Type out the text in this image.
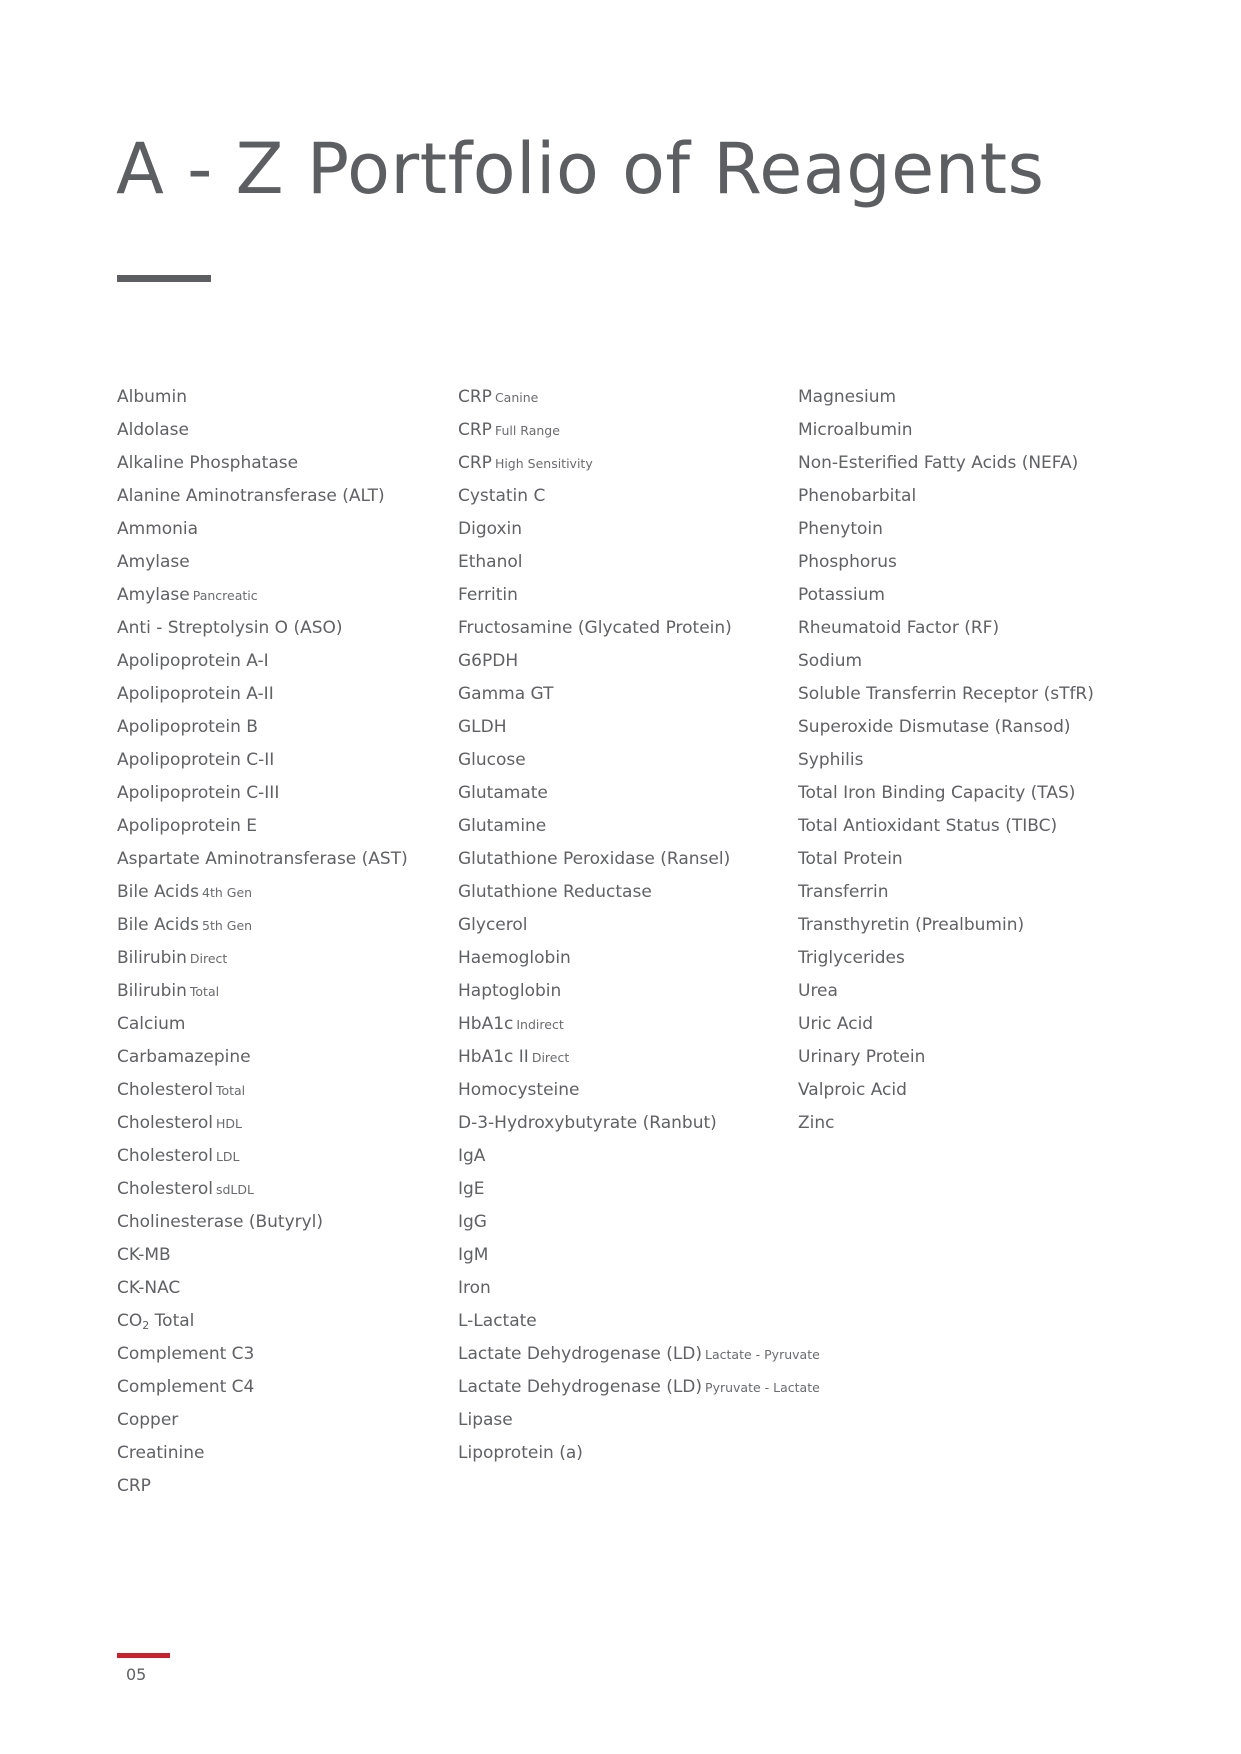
A - Z Portfolio of Reagents
Albumin
Aldolase
Alkaline Phosphatase
Alanine Aminotransferase (ALT)
Ammonia
Amylase
Amylase Pancreatic
Anti - Streptolysin O (ASO)
Apolipoprotein A-I
Apolipoprotein A-II
Apolipoprotein B
Apolipoprotein C-II
Apolipoprotein C-III
Apolipoprotein E
Aspartate Aminotransferase (AST)
Bile Acids 4th Gen
Bile Acids 5th Gen
Bilirubin Direct
Bilirubin Total
Calcium
Carbamazepine
Cholesterol Total
Cholesterol HDL
Cholesterol LDL
Cholesterol sdLDL
Cholinesterase (Butyryl)
CK-MB
CK-NAC
$CO_2$ Total
Complement C3
Complement C4
Copper
Creatinine
CRP
CRP Canine
CRP Full Range
CRP High Sensitivity
Cystatin C
Digoxin
Ethanol
Ferritin
Fructosamine (Glycated Protein)
G6PDH
Gamma GT
GLDH
Glucose
Glutamate
Glutamine
Glutathione Peroxidase (Ransel)
Glutathione Reductase
Glycerol
Haemoglobin
Haptoglobin
HbA1c Indirect
HbA1c II Direct
Homocysteine
D-3-Hydroxybutyrate (Ranbut)
IgA
IgE
IgG
IgM
Iron
L-Lactate
Lactate Dehydrogenase (LD) Lactate - Pyruvate
Lactate Dehydrogenase (LD) Pyruvate - Lactate
Lipase
Lipoprotein (a)
Magnesium
Microalbumin
Non-Esterified Fatty Acids (NEFA)
Phenobarbital
Phenytoin
Phosphorus
Potassium
Rheumatoid Factor (RF)
Sodium
Soluble Transferrin Receptor (sTfR)
Superoxide Dismutase (Ransod)
Syphilis
Total Iron Binding Capacity (TAS)
Total Antioxidant Status (TIBC)
Total Protein
Transferrin
Transthyretin (Prealbumin)
Triglycerides
Urea
Uric Acid
Urinary Protein
Valproic Acid
Zinc
05
